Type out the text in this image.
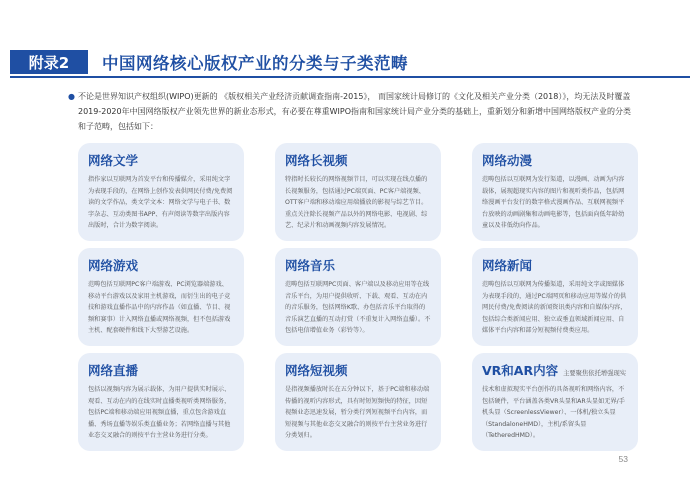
附录2	中国网络核心版权产业的分类与子类范畴
● 不论是世界知识产权组织(WIPO)更新的 《版权相关产业经济贡献调查指南-2015》， 而国家统计局修订的《文化及相关产业分类（2018）》，均无法及时覆盖2019-2020年中国网络版权产业领先世界的新业态形式，有必要在尊重WIPO指南和国家统计局产业分类的基础上，重新划分和新增中国网络版权产业的分类和子范畴，包括如下：
网络文学
指作家以互联网为首发平台和传播媒介，采用纯文字为表现手段的，在网络上创作发表供网民付费/免费阅读的文学作品，类文学文本：网络文学与电子书、数字杂志、互动类图书APP、有声阅读等数字出版内容出版时，合计为数字阅读。
网络长视频
特指时长较长的网络视频节目，可以实现在线点播的长视频服务，包括通过PC端页面、PC客户端视频、OTT客户端和移动端应用端播放的影视与综艺节目。重点关注除长视频产品以外的网络电影、电视剧、综艺、纪录片和动画视频内容发展情况。
网络动漫
范畴包括以互联网为发行渠道，以漫画、动画为内容载体，展现超现实内容的图片和视听类作品，包括网络漫画平台发行的数字格式漫画作品、互联网视频平台放映的动画剧集和动画电影等，包括面向低年龄幼童以及非低幼向作品。
网络游戏
范畴包括互联网PC客户端游戏、PC浏览器端游戏、移动平台游戏以及家用主机游戏，而衍生出的电子竞技和游戏直播作品中的内容作品（如直播、节目、视频和赛事）计入网络直播或网络视频，但不包括游戏主机、配套硬件和线下大型游艺设施。
网络音乐
范畴包括互联网PC页面、客户端以及移动应用等在线音乐平台，为用户提供收听、下载、观看、互动在内的音乐服务，包括网络K歌、办包括音乐平台取得的音乐演艺直播的互动打赏（不重复计入网络直播）。不包括电信增值业务（彩铃等）。
网络新闻
范畴包括以互联网为传播渠道，采用纯文字或图媒体为表现手段的，通过PC端网页和移动应用等媒介的供网民付费/免费阅读的新闻资讯类内容和自媒体内容，包括综合类新闻应用、独立或垂直领域新闻应用、自媒体平台内容和部分短视频付费类应用。
网络直播
包括以视频内容为展示载体，为用户提供实时展示、观看、互动在内的在线实时直播类视听类网络服务，包括PC端和移动端应用视频直播，重点包含游戏直播、秀场直播等娱乐类直播业务；若网络直播与其他业态交叉融合的则按平台主营业务进行分类。
网络短视频
是指视频播放时长在五分钟以下，基于PC端和移动端传播的视听内容形式，具有时短短频快的特征，因短视频业态迅速发展，暂分类行列短视频平台内容，而短视频与其他业态交叉融合的则按平台主营业务进行分类划归。
VR和AR内容 主要聚焦依托增强现实
技术和虚拟现实平台创作的具备视听和网络内容，不包括硬件，平台涵盖各类VR头显和AR头显如无界/手机头显（ScreenlessViewer）、一体机/独立头显（StandaloneHMD），主机/系留头显（TetheredHMD）。
53
